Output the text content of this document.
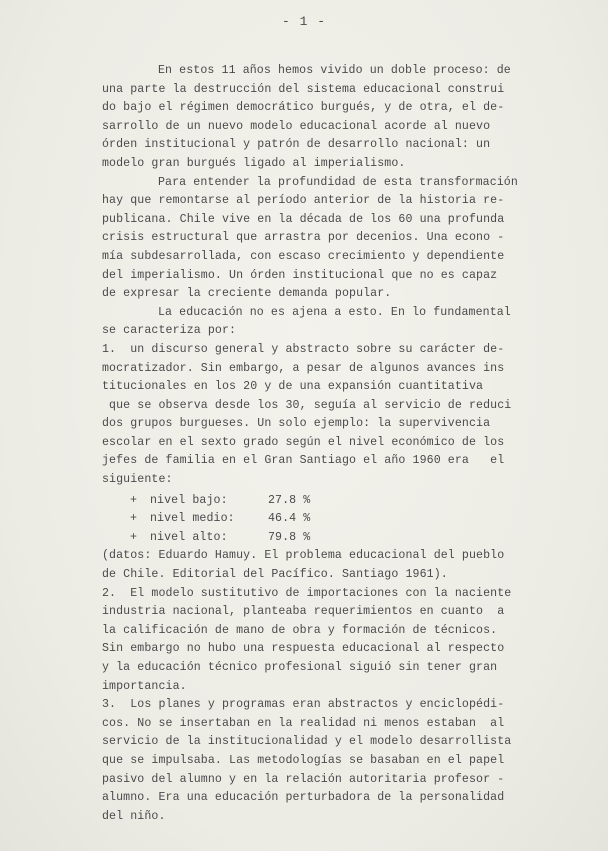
- 1 -
En estos 11 años hemos vivido un doble proceso: de
una parte la destrucción del sistema educacional construi
do bajo el régimen democrático burgués, y de otra, el de-
sarrollo de un nuevo modelo educacional acorde al nuevo
órden institucional y patrón de desarrollo nacional: un
modelo gran burgués ligado al imperialismo.
Para entender la profundidad de esta transformación
hay que remontarse al período anterior de la historia re-
publicana. Chile vive en la década de los 60 una profunda
crisis estructural que arrastra por decenios. Una econo -
mía subdesarrollada, con escaso crecimiento y dependiente
del imperialismo. Un órden institucional que no es capaz
de expresar la creciente demanda popular.
La educación no es ajena a esto. En lo fundamental
se caracteriza por:
1.  un discurso general y abstracto sobre su carácter de-
mocratizador. Sin embargo, a pesar de algunos avances ins
titucionales en los 20 y de una expansión cuantitativa
que se observa desde los 30, seguía al servicio de reduci
dos grupos burgueses. Un solo ejemplo: la supervivencia
escolar en el sexto grado según el nivel económico de los
jefes de familia en el Gran Santiago el año 1960 era   el
siguiente:
+	nivel bajo:	27.8 %
+	nivel medio:	46.4 %
+	nivel alto:	79.8 %
(datos: Eduardo Hamuy. El problema educacional del pueblo
de Chile. Editorial del Pacífico. Santiago 1961).
2.  El modelo sustitutivo de importaciones con la naciente
industria nacional, planteaba requerimientos en cuanto  a
la calificación de mano de obra y formación de técnicos.
Sin embargo no hubo una respuesta educacional al respecto
y la educación técnico profesional siguió sin tener gran
importancia.
3.  Los planes y programas eran abstractos y enciclopédi-
cos. No se insertaban en la realidad ni menos estaban  al
servicio de la institucionalidad y el modelo desarrollista
que se impulsaba. Las metodologías se basaban en el papel
pasivo del alumno y en la relación autoritaria profesor -
alumno. Era una educación perturbadora de la personalidad
del niño.
